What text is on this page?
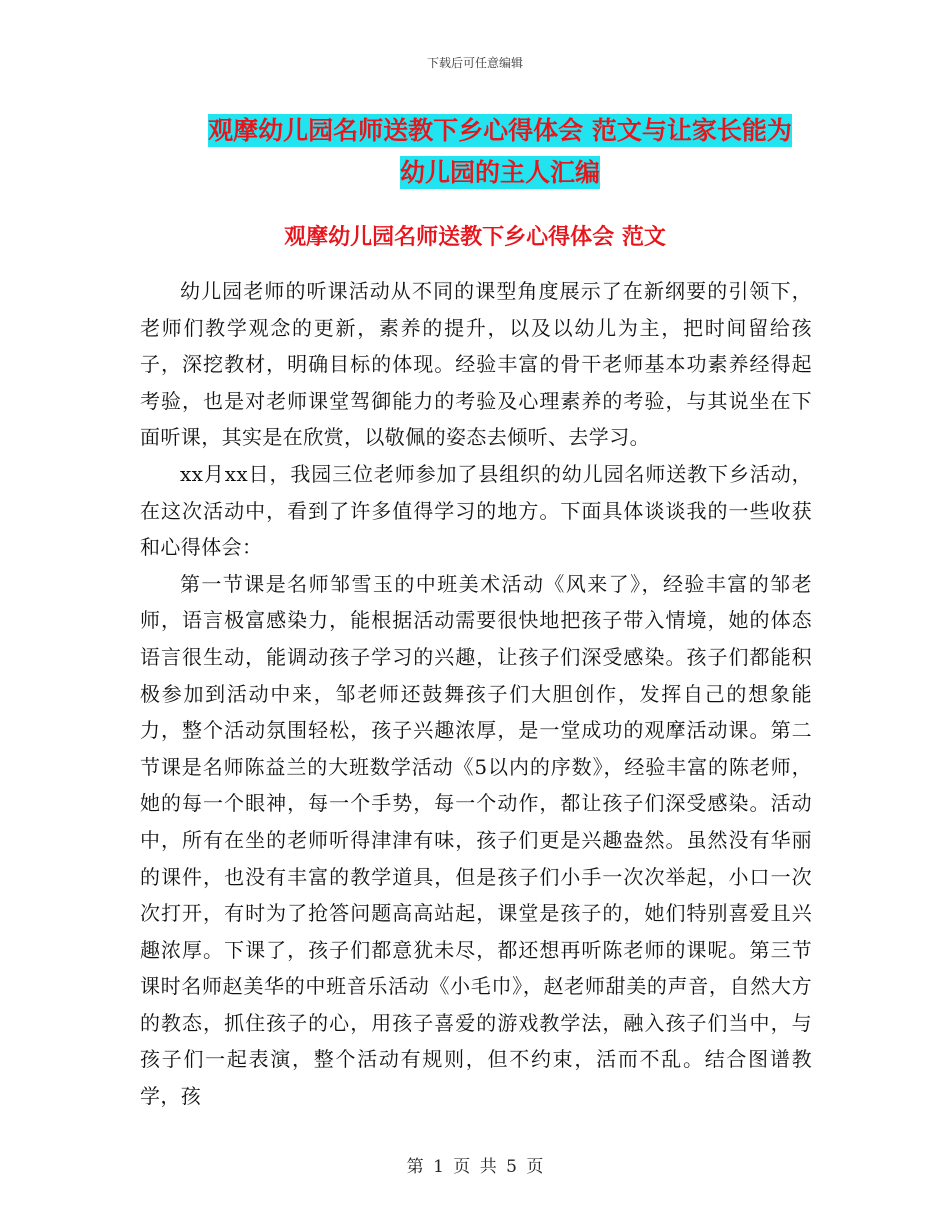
下载后可任意编辑
观摩幼儿园名师送教下乡心得体会 范文与让家长能为
幼儿园的主人汇编
观摩幼儿园名师送教下乡心得体会 范文

幼儿园老师的听课活动从不同的课型角度展示了在新纲要的引领下，老师们教学观念的更新，素养的提升，以及以幼儿为主，把时间留给孩子，深挖教材，明确目标的体现。经验丰富的骨干老师基本功素养经得起考验，也是对老师课堂驾御能力的考验及心理素养的考验，与其说坐在下面听课，其实是在欣赏，以敬佩的姿态去倾听、去学习。

xx月xx日，我园三位老师参加了县组织的幼儿园名师送教下乡活动，在这次活动中，看到了许多值得学习的地方。下面具体谈谈我的一些收获和心得体会：

第一节课是名师邹雪玉的中班美术活动《风来了》，经验丰富的邹老师，语言极富感染力，能根据活动需要很快地把孩子带入情境，她的体态语言很生动，能调动孩子学习的兴趣，让孩子们深受感染。孩子们都能积极参加到活动中来，邹老师还鼓舞孩子们大胆创作，发挥自己的想象能力，整个活动氛围轻松，孩子兴趣浓厚，是一堂成功的观摩活动课。第二节课是名师陈益兰的大班数学活动《5以内的序数》，经验丰富的陈老师，她的每一个眼神，每一个手势，每一个动作，都让孩子们深受感染。活动中，所有在坐的老师听得津津有味，孩子们更是兴趣盎然。虽然没有华丽的课件，也没有丰富的教学道具，但是孩子们小手一次次举起，小口一次次打开，有时为了抢答问题高高站起，课堂是孩子的，她们特别喜爱且兴趣浓厚。下课了，孩子们都意犹未尽，都还想再听陈老师的课呢。第三节课时名师赵美华的中班音乐活动《小毛巾》，赵老师甜美的声音，自然大方的教态，抓住孩子的心，用孩子喜爱的游戏教学法，融入孩子们当中，与孩子们一起表演，整个活动有规则，但不约束，活而不乱。结合图谱教学，孩

第 1 页 共 5 页
